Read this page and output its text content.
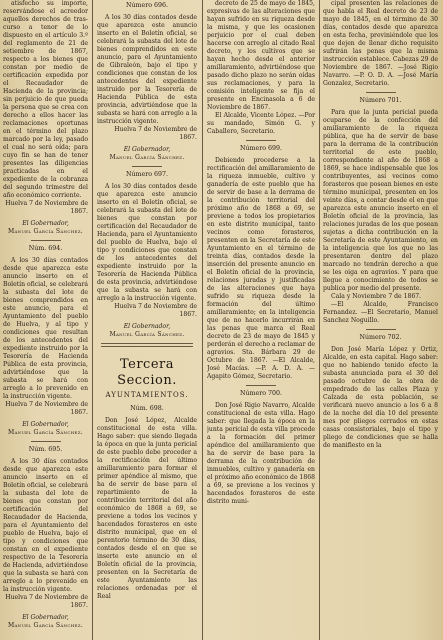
atisfecho su importe, reservándose el acreedor aquellos derechos de tras-curso a tenor de lo dispuesto en el artículo 3.º del reglamento de 21 de setiembre de 1867, respecto a los bienes que constan por medio de certificación expedida por el Recaudador de Hacienda de la provincia; sin perjuicio de que pueda la persona que se crea con derecho a ellos hacer las reclamaciones oportunas en el término del plazo marcado por la ley, pasado el cual no será oída; para cuyo fin se han de tener presentes las diligencias practicadas en el expediente de la cobranza del segundo trimestre del año económico corriente.

Huelva 7 de Noviembre de 1867.

El Gobernador,

Manuel García Sánchez.

Núm. 694.

A los 30 días contados desde que aparezca este anuncio inserto en el Boletín oficial, se celebrará la subasta del lote de bienes comprendidos en este anuncio, para el Ayuntamiento del pueblo de Huelva, y al tipo y condiciones que resultan de los antecedentes del expediente instruido por la Tesorería de Hacienda Pública de esta provincia, advirtiéndose que la subasta se hará con arreglo a lo prevenido en la instrucción vigente.

Huelva 7 de Noviembre de 1867.

El Gobernador,

Manuel García Sánchez.

Núm. 695.

A los 30 días contados desde que aparezca este anuncio inserto en el Boletín oficial, se celebrará la subasta del lote de bienes que constan por certificación del Recaudador de Hacienda, para el Ayuntamiento del pueblo de Huelva, bajo el tipo y condiciones que constan en el expediente respectivo de la Tesorería de Hacienda, advirtiéndose que la subasta se hará con arreglo a lo prevenido en la instrucción vigente.

Huelva 7 de Noviembre de 1867.

El Gobernador,

Manuel García Sánchez.

Número 696.

A los 30 días contados desde que aparezca este anuncio inserto en el Boletín oficial, se celebrará la subasta del lote de bienes comprendidos en este anuncio, para el Ayuntamiento de Gibraleón, bajo el tipo y condiciones que constan de los antecedentes del expediente instruido por la Tesorería de Hacienda Pública de esta provincia, advirtiéndose que la subasta se hará con arreglo a la instrucción vigente.

Huelva 7 de Noviembre de 1867.

El Gobernador,

Manuel García Sánchez.

Número 697.

A los 30 días contados desde que aparezca este anuncio inserto en el Boletín oficial, se celebrará la subasta del lote de bienes que constan por certificación del Recaudador de Hacienda, para el Ayuntamiento del pueblo de Huelva, bajo el tipo y condiciones que constan de los antecedentes del expediente instruido por la Tesorería de Hacienda Pública de esta provincia, advirtiéndose que la subasta se hará con arreglo a la instrucción vigente.

Huelva 7 de Noviembre de 1867.

El Gobernador,

Manuel García Sánchez.

Tercera Seccion.
AYUNTAMIENTOS.
Núm. 698.

Don José López, Alcalde constitucional de esta villa. Hago saber: que siendo llegada la época en que la junta pericial de este pueblo debe proceder a la rectificación del último amillaramiento para formar el primer apéndice al mismo, que ha de servir de base para el repartimiento de la contribución territorial del año económico de 1868 a 69, se previene a todos los vecinos y hacendados forasteros en este distrito municipal, que en el perentorio término de 30 días, contados desde el en que se inserte este anuncio en el Boletín oficial de la provincia, presenten en la Secretaría de este Ayuntamiento las relaciones ordenadas por el Real

decreto de 25 de mayo de 1845, expresivas de las alteraciones que hayan sufrido en su riqueza desde la misma, y que les ocasionen perjuicio por el cual deben hacerse con arreglo al citado Real decreto, y los cultivos que se hayan hecho desde el anterior amillaramiento, advirtiéndose que pasado dicho plazo no serán oídas sus reclamaciones, y para la comisión inteligente se fija el presente en Encinasola a 6 de Noviembre de 1867.

El Alcalde, Vicente López. —Por su mandado, Simón G. y Caballero, Secretario.

Número 699.

Debiendo procederse a la rectificación del amillaramiento de la riqueza inmueble, cultivo y ganadería de este pueblo que ha de servir de base a la derrama de la contribución territorial del próximo año de 1868 a 69, se previene a todos los propietarios en este distrito municipal, tanto vecinos como forasteros, presenten en la Secretaría de este Ayuntamiento en el término de treinta días, contados desde la inserción del presente anuncio en el Boletín oficial de la provincia, relaciones juradas y justificadas de las alteraciones que haya sufrido su riqueza desde la formación del último amillaramiento; en la inteligencia que de no hacerlo incurrirán en las penas que marca el Real decreto de 23 de mayo de 1845 y perderán el derecho a reclamar de agravios. Sta. Bárbara 29 de Octubre de 1867. —El Alcalde, José Macías. —P. A. D. A. —Agapito Gómez, Secretario.

Número 700.

Don José Rigio Navarro, Alcalde constitucional de esta villa. Hago saber: que llegada la época en la junta pericial de esta villa procede a la formación del primer apéndice del amillaramiento que ha de servir de base para la derrama de la contribución de inmuebles, cultivo y ganadería en el próximo año económico de 1868 a 69, se previene a los vecinos y hacendados forasteros de este distrito muni-

cipal presenten las relaciones de que habla el Real decreto de 23 de mayo de 1845, en el término de 30 días, contados desde que aparezca en esta fecha, previniéndole que los que dejen de llenar dicho requisito sufrirán las penas que la misma instrucción establece. Cabezas 29 de Noviembre de 1867. —José Rigio Navarro. —P. O. D. A. —José María Gonzalez, Secretario.

Número 701.

Para que la junta pericial pueda ocuparse de la confección del amillaramiento de la riqueza pública, que ha de servir de base para la derrama de la contribución territorial de este pueblo, correspondiente al año de 1868 a 1869, se hace indispensable que los contribuyentes, así vecinos como forasteros que posean bienes en este término municipal, presenten en los veinte días, a contar desde el en que aparezca este anuncio inserto en el Boletín oficial de la provincia, las relaciones juradas de los que posean sujetas a dicha contribución en la Secretaría de este Ayuntamiento, en la inteligencia que los que no las presentaren dentro del plazo marcado no tendrán derecho a que se les oiga en agravios. Y para que llegue a conocimiento de todos se publica por medio del presente.

Cala y Noviembre 7 de 1867.

—El Alcalde, Francisco Fernandez. —El Secretario, Manuel Sanchez Noguillo.

Número 702.

Don José María López y Ortiz, Alcalde, en esta capital. Hago saber: que no habiendo tenido efecto la subasta anunciada para el 30 del pasado octubre de la obra de empedrado de las calles Plaza y Calzada de esta población, se verificará nuevo anuncio a los 6 a 8 de la noche del día 10 del presente mes por pliegos cerrados en estas casas consistoriales, bajo el tipo y pliego de condiciones que se halla de manifiesto en la
